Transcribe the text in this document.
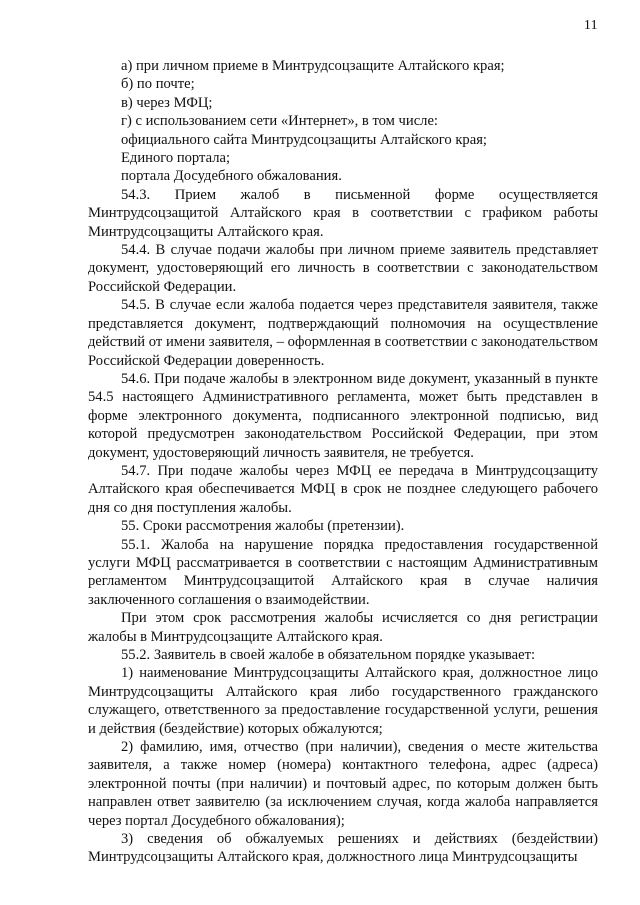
11

а) при личном приеме в Минтрудсоцзащите Алтайского края;

б) по почте;

в) через МФЦ;

г) с использованием сети «Интернет», в том числе:

официального сайта Минтрудсоцзащиты Алтайского края;

Единого портала;

портала Досудебного обжалования.

54.3. Прием жалоб в письменной форме осуществляется Минтрудсоцзащитой Алтайского края в соответствии с графиком работы Минтрудсоцзащиты Алтайского края.

54.4. В случае подачи жалобы при личном приеме заявитель представляет документ, удостоверяющий его личность в соответствии с законодательством Российской Федерации.

54.5. В случае если жалоба подается через представителя заявителя, также представляется документ, подтверждающий полномочия на осуществление действий от имени заявителя, – оформленная в соответствии с законодательством Российской Федерации доверенность.

54.6. При подаче жалобы в электронном виде документ, указанный в пункте 54.5 настоящего Административного регламента, может быть представлен в форме электронного документа, подписанного электронной подписью, вид которой предусмотрен законодательством Российской Федерации, при этом документ, удостоверяющий личность заявителя, не требуется.

54.7. При подаче жалобы через МФЦ ее передача в Минтрудсоцзащиту Алтайского края обеспечивается МФЦ в срок не позднее следующего рабочего дня со дня поступления жалобы.

55. Сроки рассмотрения жалобы (претензии).

55.1. Жалоба на нарушение порядка предоставления государственной услуги МФЦ рассматривается в соответствии с настоящим Административным регламентом Минтрудсоцзащитой Алтайского края в случае наличия заключенного соглашения о взаимодействии.

При этом срок рассмотрения жалобы исчисляется со дня регистрации жалобы в Минтрудсоцзащите Алтайского края.

55.2. Заявитель в своей жалобе в обязательном порядке указывает:

1) наименование Минтрудсоцзащиты Алтайского края, должностное лицо Минтрудсоцзащиты Алтайского края либо государственного гражданского служащего, ответственного за предоставление государственной услуги, решения и действия (бездействие) которых обжалуются;

2) фамилию, имя, отчество (при наличии), сведения о месте жительства заявителя, а также номер (номера) контактного телефона, адрес (адреса) электронной почты (при наличии) и почтовый адрес, по которым должен быть направлен ответ заявителю (за исключением случая, когда жалоба направляется через портал Досудебного обжалования);

3) сведения об обжалуемых решениях и действиях (бездействии) Минтрудсоцзащиты Алтайского края, должностного лица Минтрудсоцзащиты
